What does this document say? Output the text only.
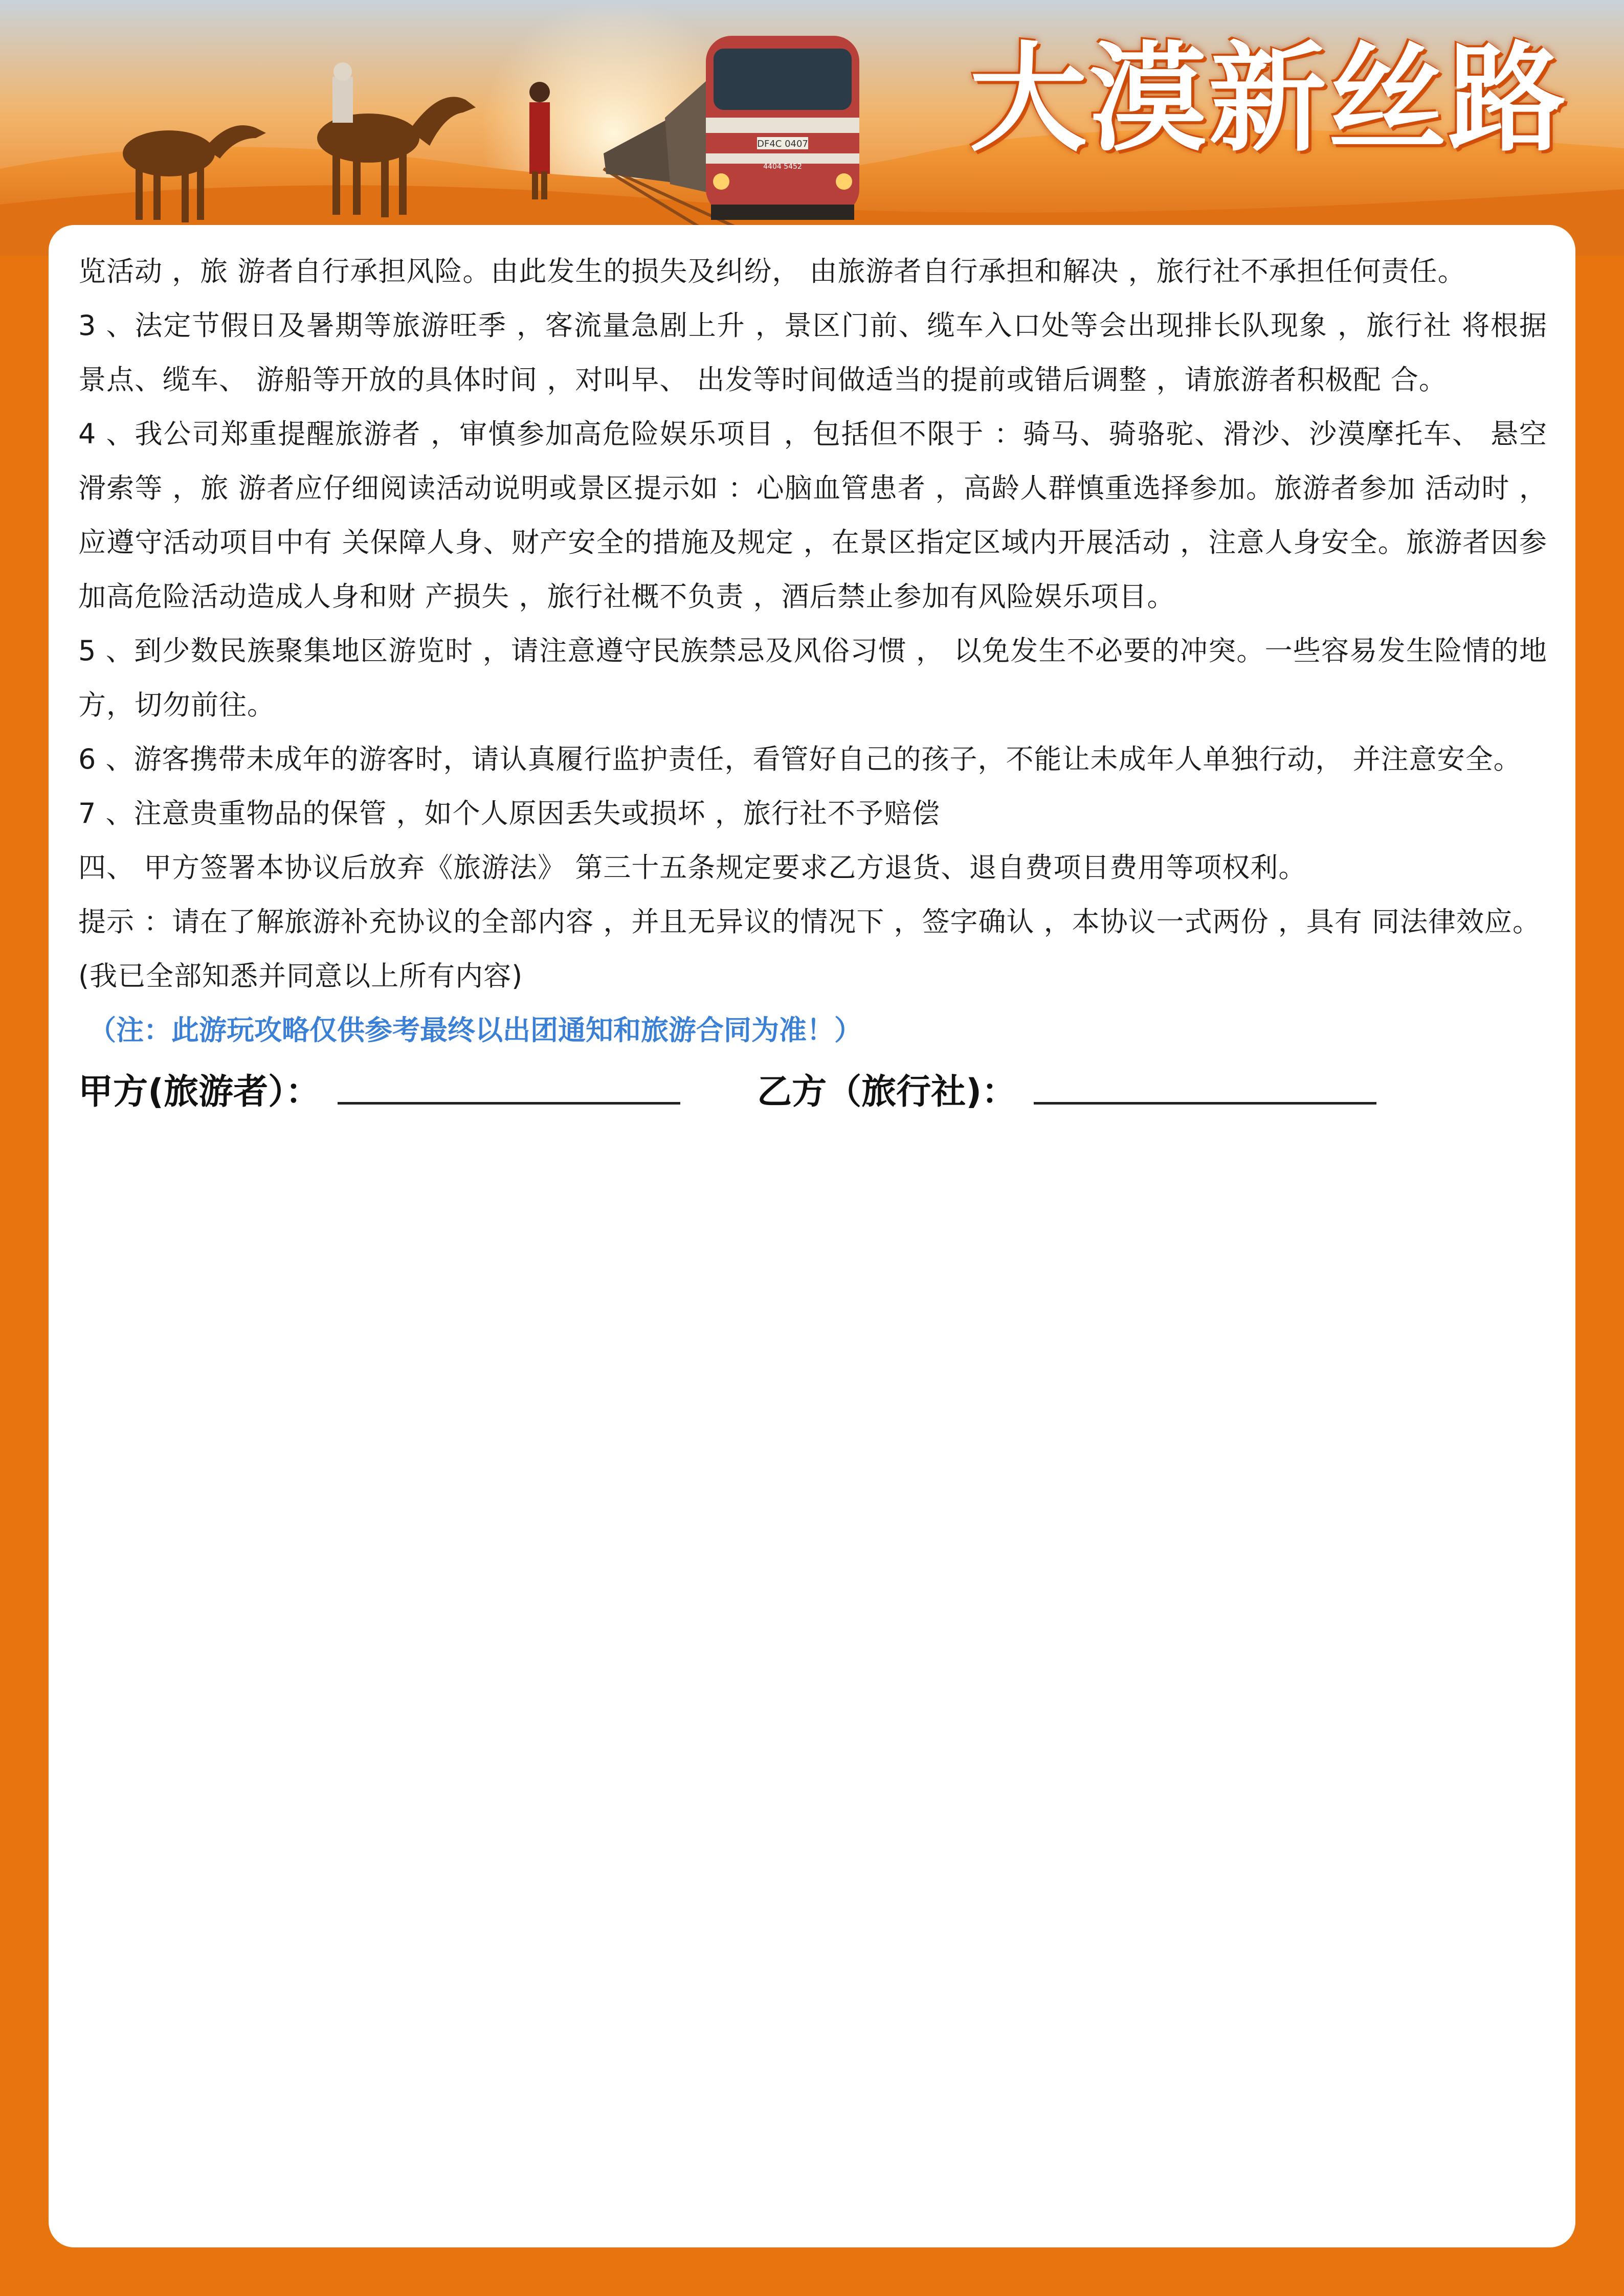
DF4C 0407
4404 5452 大漠新丝路

览活动 ，旅 游者自行承担风险。由此发生的损失及纠纷， 由旅游者自行承担和解决 ，旅行社不承担任何责任。

3 、法定节假日及暑期等旅游旺季 ，客流量急剧上升 ，景区门前、缆车入口处等会出现排长队现象 ，旅行社 将根据景点、缆车、 游船等开放的具体时间 ，对叫早、 出发等时间做适当的提前或错后调整 ，请旅游者积极配 合。

4 、我公司郑重提醒旅游者 ，审慎参加高危险娱乐项目 ，包括但不限于 ：骑马、骑骆驼、滑沙、沙漠摩托车、 悬空滑索等 ，旅 游者应仔细阅读活动说明或景区提示如 ：心脑血管患者 ，高龄人群慎重选择参加。旅游者参加 活动时 ，应遵守活动项目中有 关保障人身、财产安全的措施及规定 ，在景区指定区域内开展活动 ，注意人身安全。旅游者因参加高危险活动造成人身和财 产损失 ，旅行社概不负责 ，酒后禁止参加有风险娱乐项目。

5 、到少数民族聚集地区游览时 ，请注意遵守民族禁忌及风俗习惯 ， 以免发生不必要的冲突。一些容易发生险情的地方，切勿前往。

6 、游客携带未成年的游客时，请认真履行监护责任，看管好自己的孩子，不能让未成年人单独行动， 并注意安全。

7 、注意贵重物品的保管 ，如个人原因丢失或损坏 ，旅行社不予赔偿

四、 甲方签署本协议后放弃《旅游法》 第三十五条规定要求乙方退货、退自费项目费用等项权利。

提示 ：请在了解旅游补充协议的全部内容 ，并且无异议的情况下 ，签字确认 ，本协议一式两份 ，具有 同法律效应。

(我已全部知悉并同意以上所有内容)

（注：此游玩攻略仅供参考最终以出团通知和旅游合同为准！）

甲方(旅游者）：	乙方（旅行社)：
